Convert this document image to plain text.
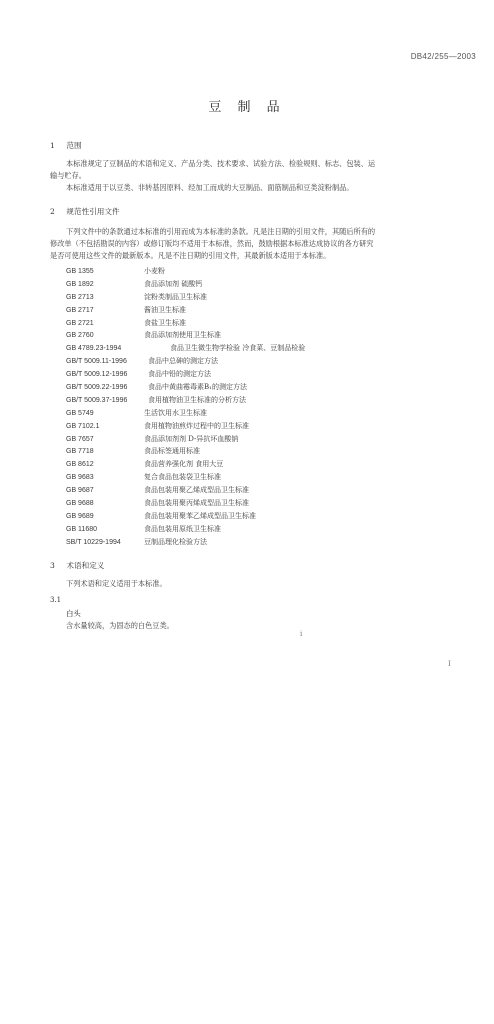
DB42/255—2003
豆 制 品
1 范围
本标准规定了豆制品的术语和定义、产品分类、技术要求、试验方法、检验规则、标志、包装、运
输与贮存。
本标准适用于以豆类、非转基因原料、经加工而成的大豆制品、面筋制品和豆类淀粉制品。
2 规范性引用文件
下列文件中的条款通过本标准的引用而成为本标准的条款。凡是注日期的引用文件，其随后所有的
修改单（不包括勘误的内容）或修订版均不适用于本标准，然而，鼓励根据本标准达成协议的各方研究
是否可使用这些文件的最新版本。凡是不注日期的引用文件，其最新版本适用于本标准。
GB 1355	小麦粉
GB 1892	食品添加剂 硫酸钙
GB 2713	淀粉类制品卫生标准
GB 2717	酱油卫生标准
GB 2721	食盐卫生标准
GB 2760	食品添加剂使用卫生标准
GB 4789.23-1994	食品卫生微生物学检验 冷食菜、豆制品检验
GB/T 5009.11-1996	食品中总砷的测定方法
GB/T 5009.12-1996	食品中铅的测定方法
GB/T 5009.22-1996	食品中黄曲霉毒素B₁的测定方法
GB/T 5009.37-1996	食用植物油卫生标准的分析方法
GB 5749	生活饮用水卫生标准
GB 7102.1	食用植物油煎炸过程中的卫生标准
GB 7657	食品添加剂剂 D-异抗坏血酸钠
GB 7718	食品标签通用标准
GB 8612	食品营养强化剂 食用大豆
GB 9683	复合食品包装袋卫生标准
GB 9687	食品包装用聚乙烯成型品卫生标准
GB 9688	食品包装用聚丙烯成型品卫生标准
GB 9689	食品包装用聚苯乙烯成型品卫生标准
GB 11680	食品包装用原纸卫生标准
SB/T 10229-1994	豆制品理化检验方法
3 术语和定义
下列术语和定义适用于本标准。
3.1
白头
含水量较高，为固态的白色豆类。
ⅰ
I
